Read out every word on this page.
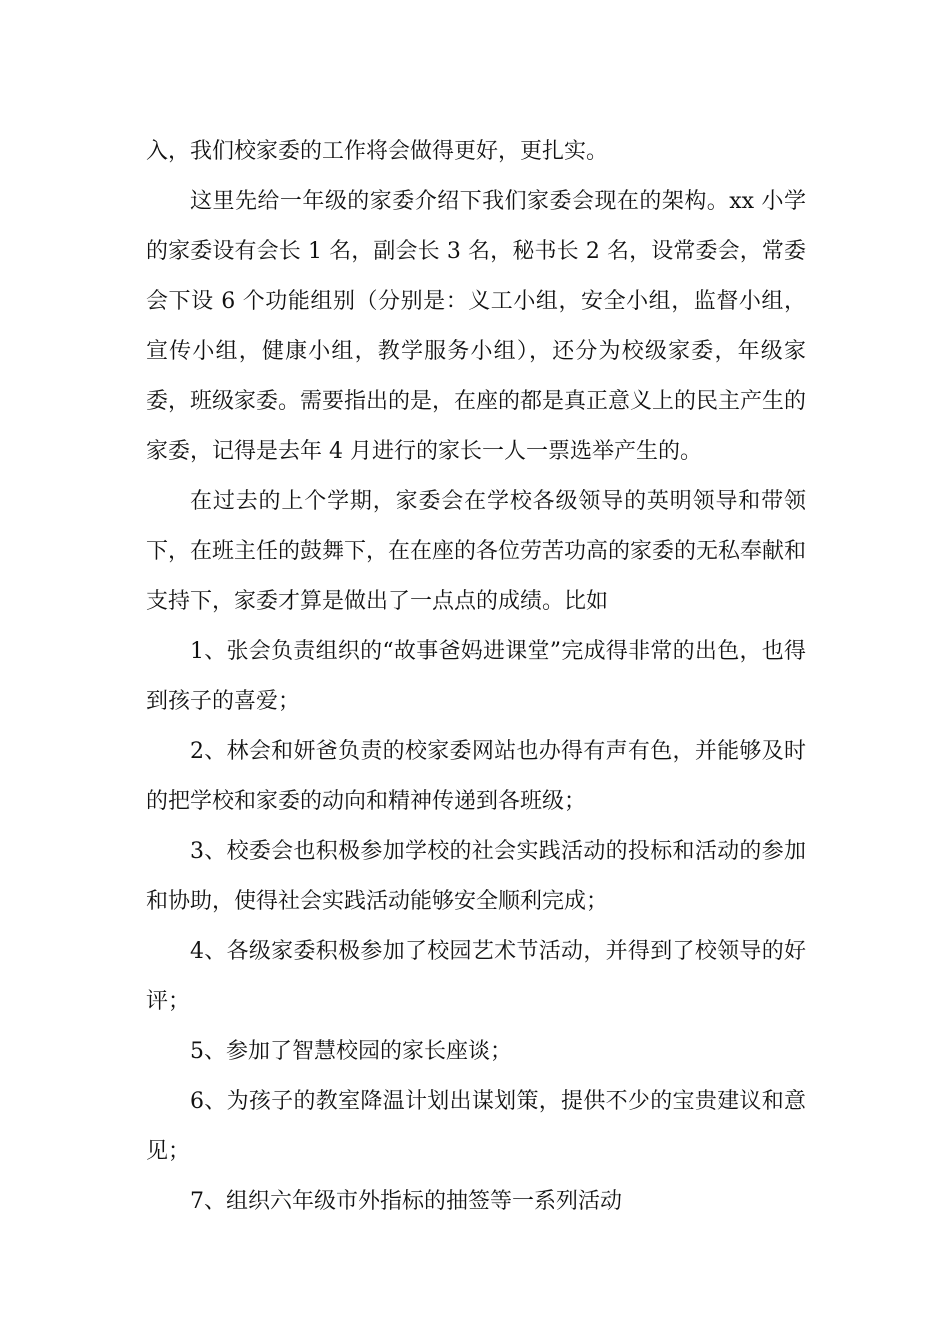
入，我们校家委的工作将会做得更好，更扎实。

这里先给一年级的家委介绍下我们家委会现在的架构。xx 小学的家委设有会长 1 名，副会长 3 名，秘书长 2 名，设常委会，常委会下设 6 个功能组别（分别是：义工小组，安全小组，监督小组，宣传小组，健康小组，教学服务小组），还分为校级家委，年级家委，班级家委。需要指出的是，在座的都是真正意义上的民主产生的家委，记得是去年 4 月进行的家长一人一票选举产生的。

在过去的上个学期，家委会在学校各级领导的英明领导和带领下，在班主任的鼓舞下，在在座的各位劳苦功高的家委的无私奉献和支持下，家委才算是做出了一点点的成绩。比如

1、张会负责组织的“故事爸妈进课堂”完成得非常的出色，也得到孩子的喜爱；

2、林会和妍爸负责的校家委网站也办得有声有色，并能够及时的把学校和家委的动向和精神传递到各班级；

3、校委会也积极参加学校的社会实践活动的投标和活动的参加和协助，使得社会实践活动能够安全顺利完成；

4、各级家委积极参加了校园艺术节活动，并得到了校领导的好评；

5、参加了智慧校园的家长座谈；

6、为孩子的教室降温计划出谋划策，提供不少的宝贵建议和意见；

7、组织六年级市外指标的抽签等一系列活动
